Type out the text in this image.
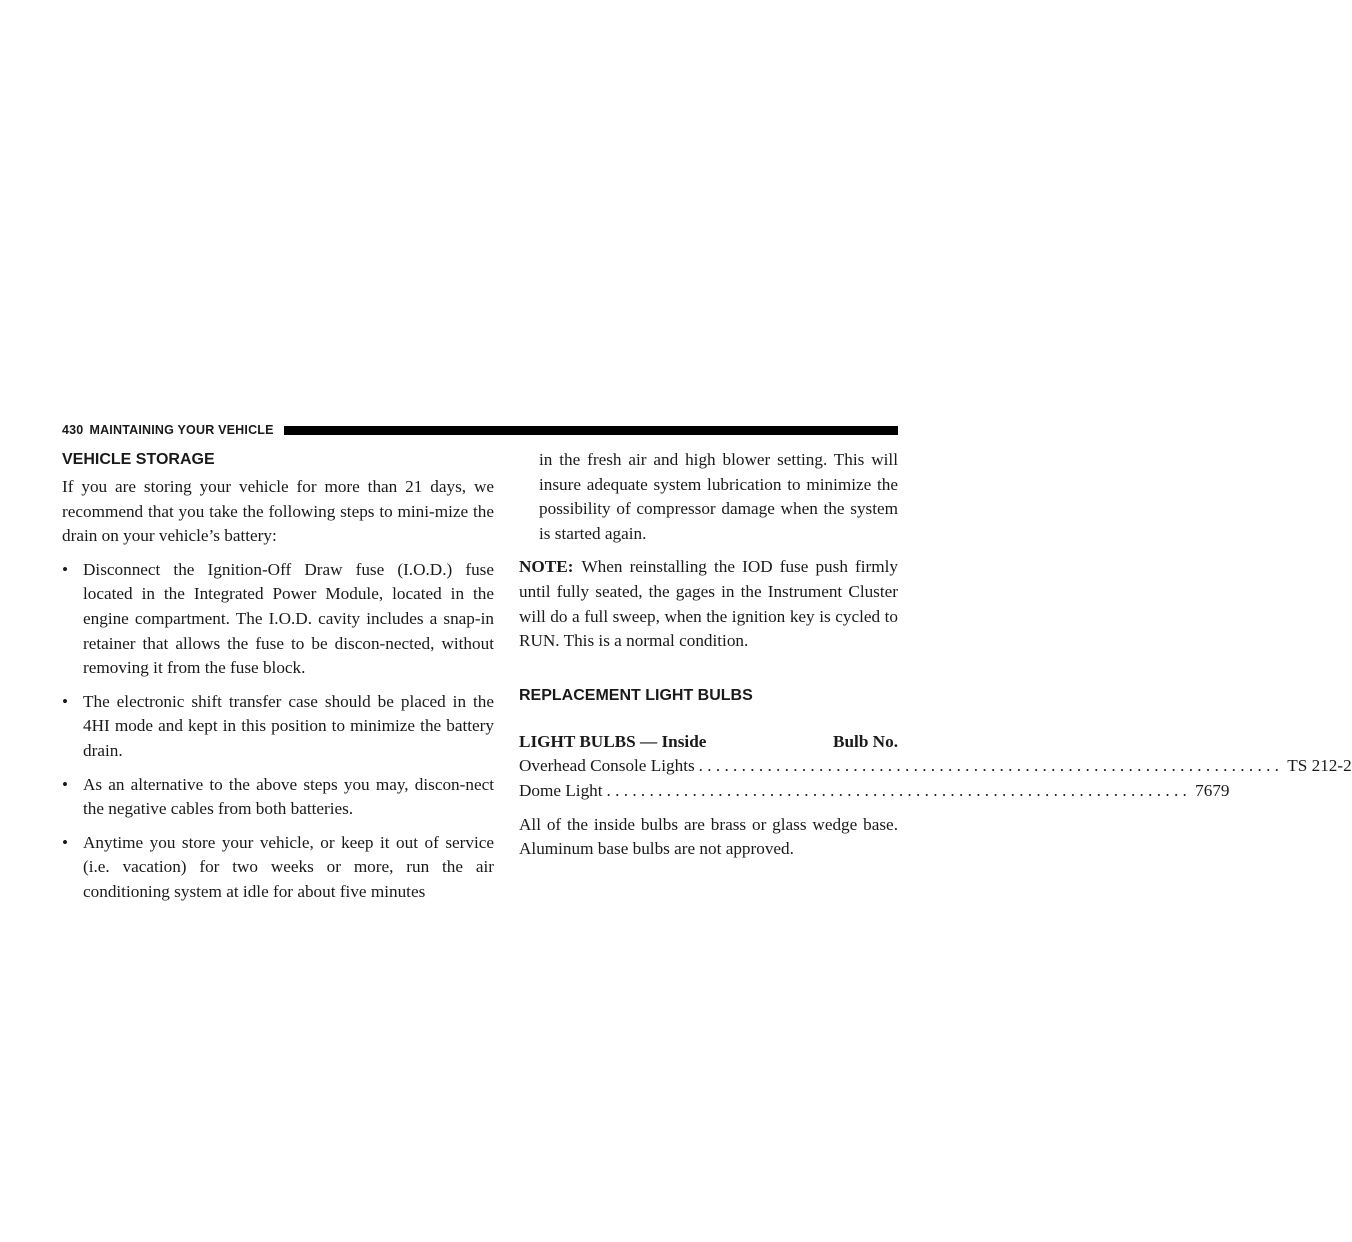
430 MAINTAINING YOUR VEHICLE
VEHICLE STORAGE

If you are storing your vehicle for more than 21 days, we recommend that you take the following steps to mini-mize the drain on your vehicle’s battery:

• Disconnect the Ignition-Off Draw fuse (I.O.D.) fuse located in the Integrated Power Module, located in the engine compartment. The I.O.D. cavity includes a snap-in retainer that allows the fuse to be discon-nected, without removing it from the fuse block.
• The electronic shift transfer case should be placed in the 4HI mode and kept in this position to minimize the battery drain.
• As an alternative to the above steps you may, discon-nect the negative cables from both batteries.
• Anytime you store your vehicle, or keep it out of service (i.e. vacation) for two weeks or more, run the air conditioning system at idle for about five minutes
in the fresh air and high blower setting. This will insure adequate system lubrication to minimize the possibility of compressor damage when the system is started again.

NOTE: When reinstalling the IOD fuse push firmly until fully seated, the gages in the Instrument Cluster will do a full sweep, when the ignition key is cycled to RUN. This is a normal condition.

REPLACEMENT LIGHT BULBS
LIGHT BULBS — Inside	Bulb No.
Overhead Console Lights .................................................................... TS 212-2
Dome Light .................................................................... 7679

All of the inside bulbs are brass or glass wedge base. Aluminum base bulbs are not approved.
